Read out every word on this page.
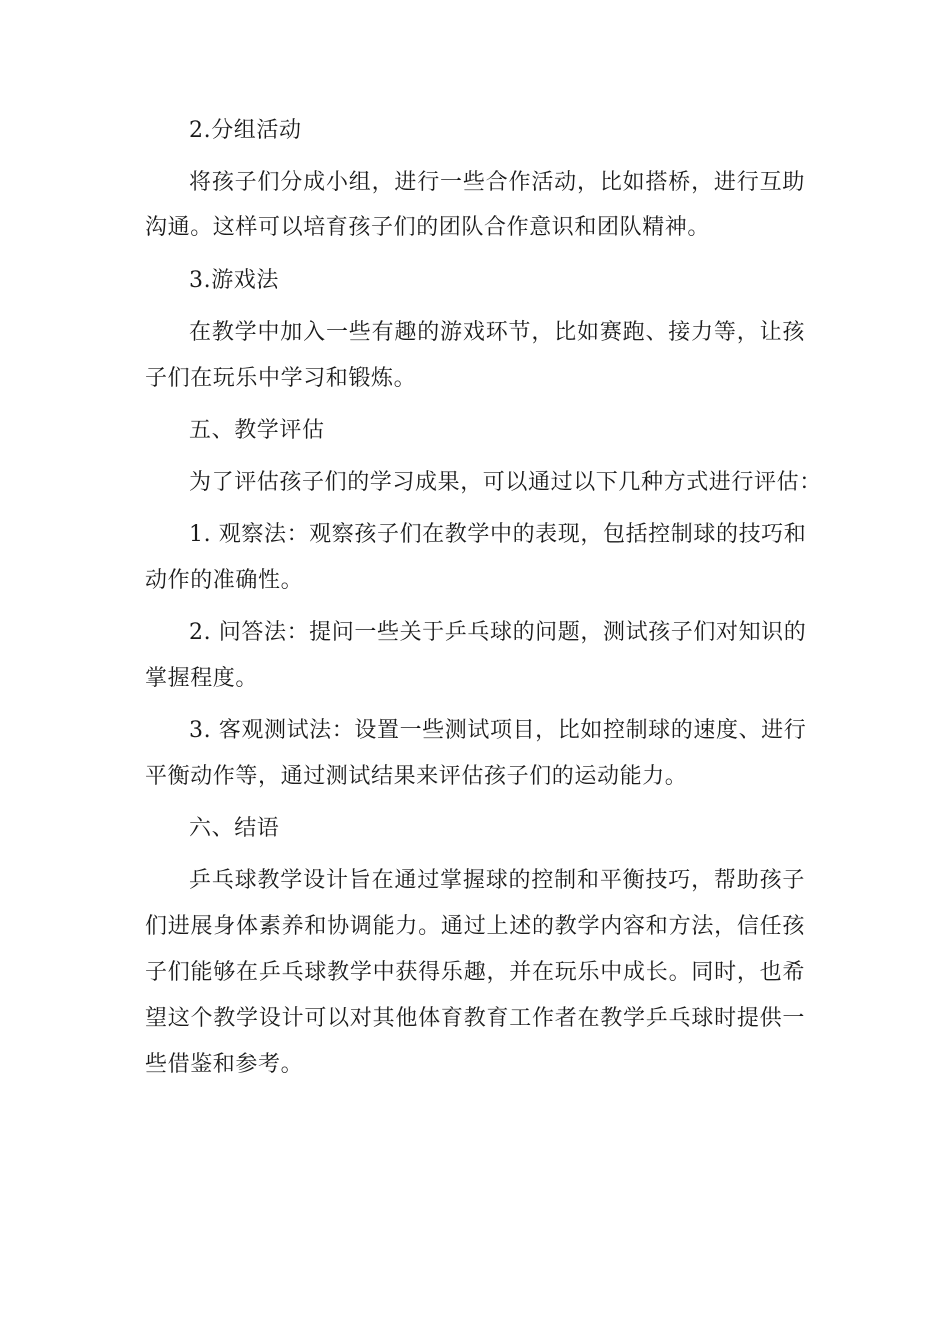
2.分组活动
将孩子们分成小组，进行一些合作活动，比如搭桥，进行互助
沟通。这样可以培育孩子们的团队合作意识和团队精神。
3.游戏法
在教学中加入一些有趣的游戏环节，比如赛跑、接力等，让孩
子们在玩乐中学习和锻炼。
五、教学评估
为了评估孩子们的学习成果，可以通过以下几种方式进行评估：
1. 观察法：观察孩子们在教学中的表现，包括控制球的技巧和
动作的准确性。
2. 问答法：提问一些关于乒乓球的问题，测试孩子们对知识的
掌握程度。
3. 客观测试法：设置一些测试项目，比如控制球的速度、进行
平衡动作等，通过测试结果来评估孩子们的运动能力。
六、结语
乒乓球教学设计旨在通过掌握球的控制和平衡技巧，帮助孩子
们进展身体素养和协调能力。通过上述的教学内容和方法，信任孩
子们能够在乒乓球教学中获得乐趣，并在玩乐中成长。同时，也希
望这个教学设计可以对其他体育教育工作者在教学乒乓球时提供一
些借鉴和参考。
